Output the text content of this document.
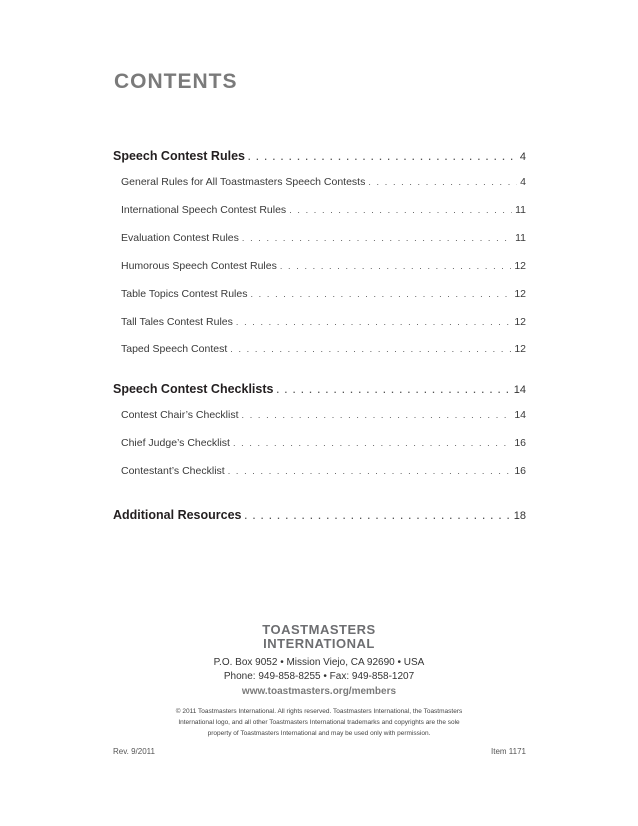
CONTENTS
Speech Contest Rules . . .	4
General Rules for All Toastmasters Speech Contests . . .	4
International Speech Contest Rules . . .	11
Evaluation Contest Rules . . .	11
Humorous Speech Contest Rules . . .	12
Table Topics Contest Rules . . .	12
Tall Tales Contest Rules . . .	12
Taped Speech Contest . . .	12
Speech Contest Checklists . . .	14
Contest Chair’s Checklist . . .	14
Chief Judge’s Checklist . . .	16
Contestant’s Checklist . . .	16
Additional Resources . . .	18
TOASTMASTERS
INTERNATIONAL
P.O. Box 9052 • Mission Viejo, CA 92690 • USA
Phone: 949-858-8255 • Fax: 949-858-1207
www.toastmasters.org/members
© 2011 Toastmasters International. All rights reserved. Toastmasters International, the Toastmasters
International logo, and all other Toastmasters International trademarks and copyrights are the sole
property of Toastmasters International and may be used only with permission.
Rev. 9/2011	Item 1171
